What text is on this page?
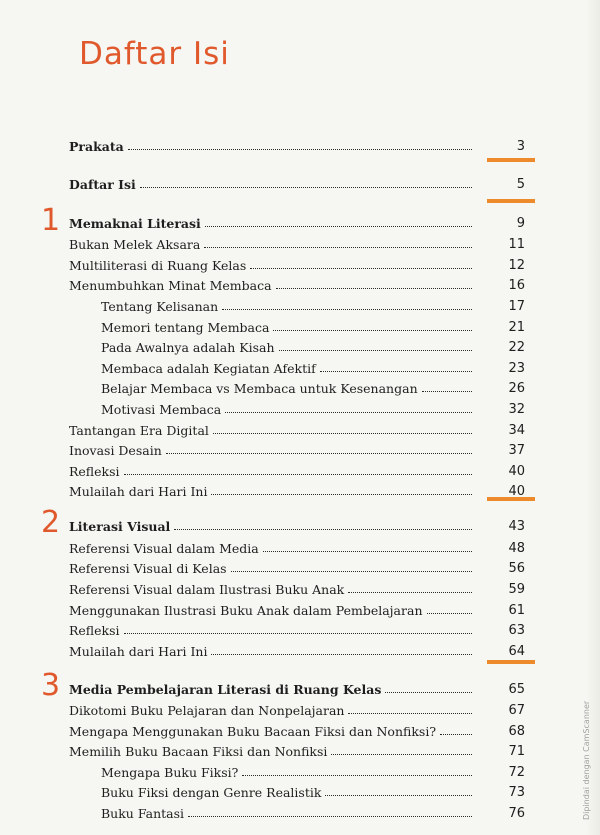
Daftar Isi
1
2
3
Prakata	3
Daftar Isi	5
Memaknai Literasi	9
Bukan Melek Aksara	11
Multiliterasi di Ruang Kelas	12
Menumbuhkan Minat Membaca	16
Tentang Kelisanan	17
Memori tentang Membaca	21
Pada Awalnya adalah Kisah	22
Membaca adalah Kegiatan Afektif	23
Belajar Membaca vs Membaca untuk Kesenangan	26
Motivasi Membaca	32
Tantangan Era Digital	34
Inovasi Desain	37
Refleksi	40
Mulailah dari Hari Ini	40
Literasi Visual	43
Referensi Visual dalam Media	48
Referensi Visual di Kelas	56
Referensi Visual dalam Ilustrasi Buku Anak	59
Menggunakan Ilustrasi Buku Anak dalam Pembelajaran	61
Refleksi	63
Mulailah dari Hari Ini	64
Media Pembelajaran Literasi di Ruang Kelas	65
Dikotomi Buku Pelajaran dan Nonpelajaran	67
Mengapa Menggunakan Buku Bacaan Fiksi dan Nonfiksi?	68
Memilih Buku Bacaan Fiksi dan Nonfiksi	71
Mengapa Buku Fiksi?	72
Buku Fiksi dengan Genre Realistik	73
Buku Fantasi	76	Dipindai dengan CamScanner
